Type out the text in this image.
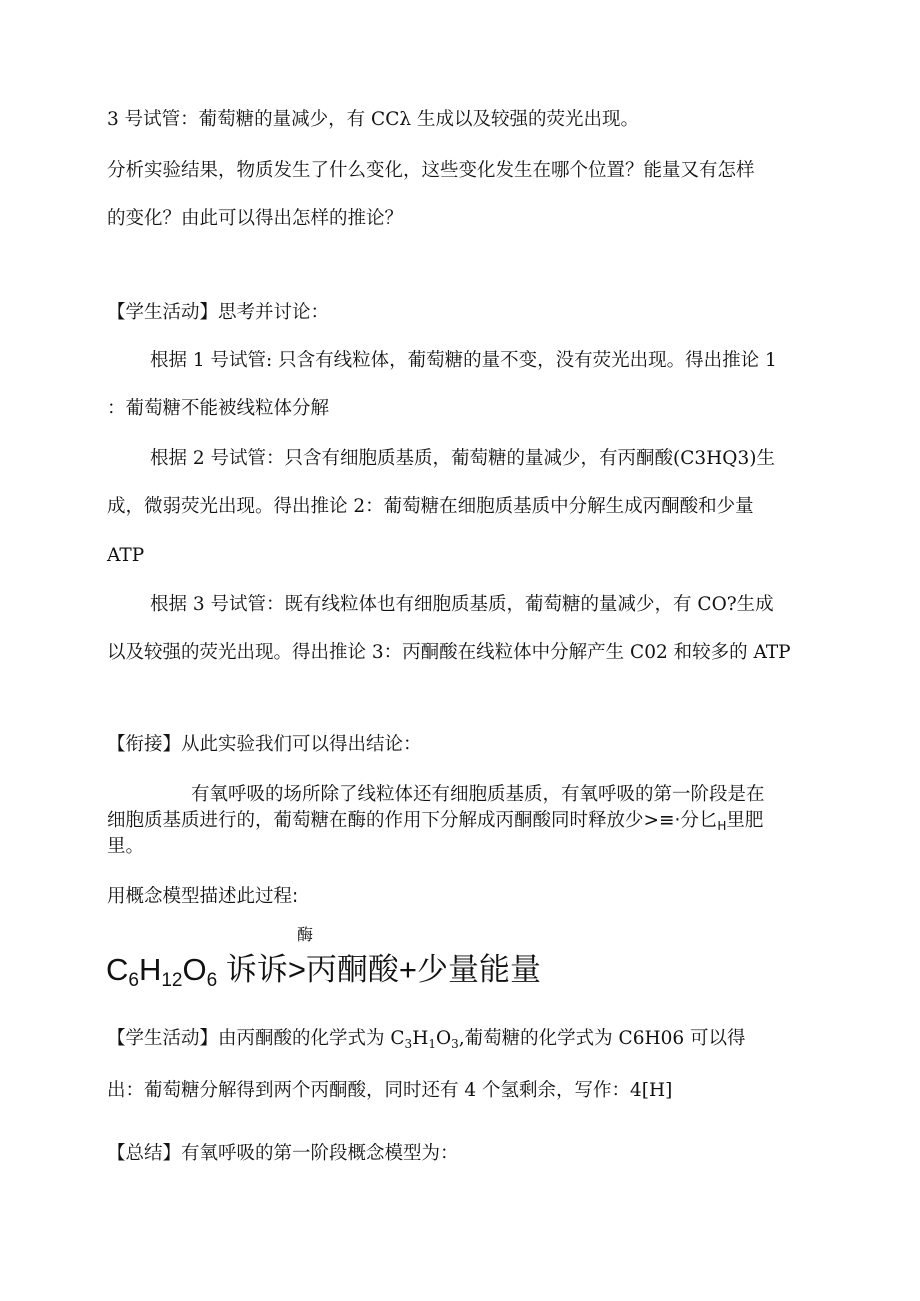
3 号试管：葡萄糖的量减少，有 CCλ 生成以及较强的荧光出现。
分析实验结果，物质发生了什么变化，这些变化发生在哪个位置？能量又有怎样
的变化？由此可以得出怎样的推论？
【学生活动】思考并讨论：
根据 1 号试管: 只含有线粒体，葡萄糖的量不变，没有荧光出现。得出推论 1
：葡萄糖不能被线粒体分解
根据 2 号试管：只含有细胞质基质，葡萄糖的量减少，有丙酮酸(C3HQ3)生
成，微弱荧光出现。得出推论 2：葡萄糖在细胞质基质中分解生成丙酮酸和少量
ATP
根据 3 号试管：既有线粒体也有细胞质基质，葡萄糖的量减少，有 CO?生成
以及较强的荧光出现。得出推论 3：丙酮酸在线粒体中分解产生 C02 和较多的 ATP
【衔接】从此实验我们可以得出结论：
有氧呼吸的场所除了线粒体还有细胞质基质，有氧呼吸的第一阶段是在
细胞质基质进行的，葡萄糖在酶的作用下分解成丙酮酸同时释放少>≡·分匕$_H$里肥
里。
用概念模型描述此过程:
酶
$C_6H_{12}O_6$ 诉诉>丙酮酸+少量能量
【学生活动】由丙酮酸的化学式为 $C_3H_1O_3$,葡萄糖的化学式为 C6H06 可以得
出：葡萄糖分解得到两个丙酮酸，同时还有 4 个氢剩余，写作：4[H]
【总结】有氧呼吸的第一阶段概念模型为：
